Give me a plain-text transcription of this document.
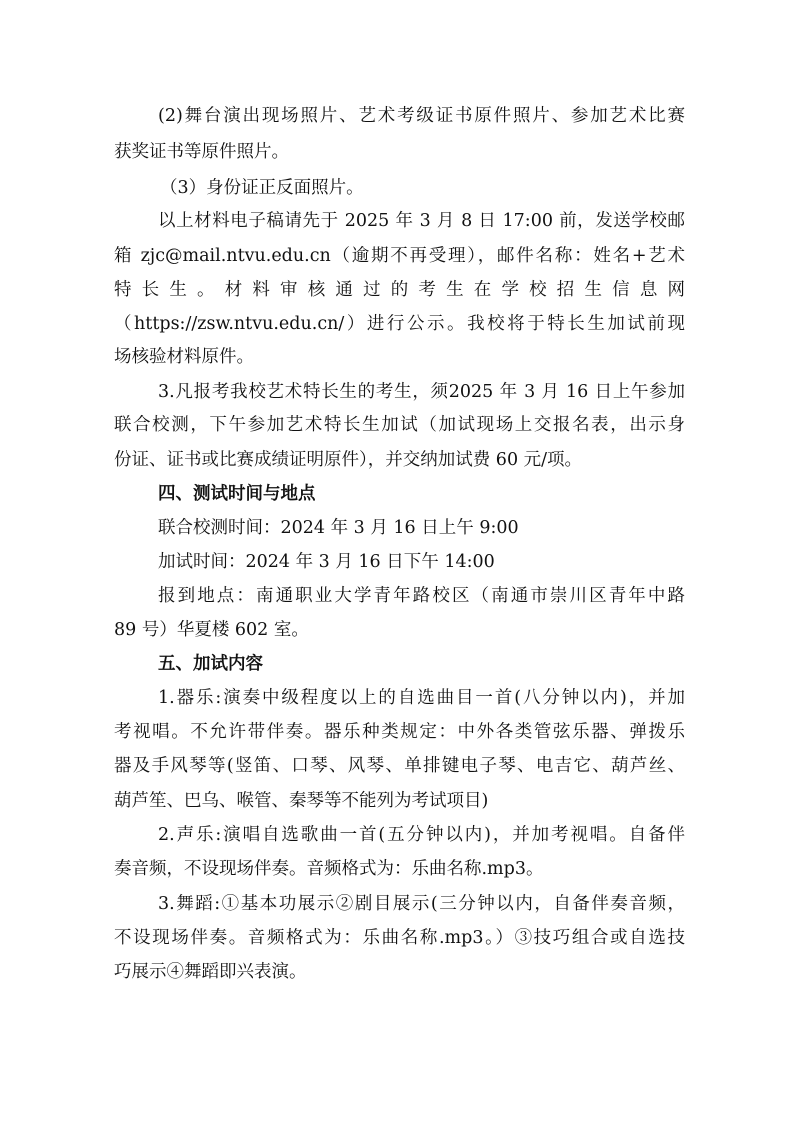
(2)舞台演出现场照片、艺术考级证书原件照片、参加艺术比赛
获奖证书等原件照片。
（3）身份证正反面照片。
以上材料电子稿请先于 2025 年 3 月 8 日 17:00 前，发送学校邮
箱 zjc@mail.ntvu.edu.cn（逾期不再受理），邮件名称：姓名+艺术
特长生。材料审核通过的考生在学校招生信息网
（https://zsw.ntvu.edu.cn/）进行公示。我校将于特长生加试前现
场核验材料原件。
3.凡报考我校艺术特长生的考生，须2025 年 3 月 16 日上午参加
联合校测，下午参加艺术特长生加试（加试现场上交报名表，出示身
份证、证书或比赛成绩证明原件），并交纳加试费 60 元/项。
四、测试时间与地点
联合校测时间：2024 年 3 月 16 日上午 9:00
加试时间：2024 年 3 月 16 日下午 14:00
报到地点：南通职业大学青年路校区（南通市崇川区青年中路
89 号）华夏楼 602 室。
五、加试内容
1.器乐:演奏中级程度以上的自选曲目一首(八分钟以内)，并加
考视唱。不允许带伴奏。器乐种类规定：中外各类管弦乐器、弹拨乐
器及手风琴等(竖笛、口琴、风琴、单排键电子琴、电吉它、葫芦丝、
葫芦笙、巴乌、喉管、秦琴等不能列为考试项目)
2.声乐:演唱自选歌曲一首(五分钟以内)，并加考视唱。自备伴
奏音频，不设现场伴奏。音频格式为：乐曲名称.mp3。
3.舞蹈:①基本功展示②剧目展示(三分钟以内，自备伴奏音频，
不设现场伴奏。音频格式为：乐曲名称.mp3。）③技巧组合或自选技
巧展示④舞蹈即兴表演。
